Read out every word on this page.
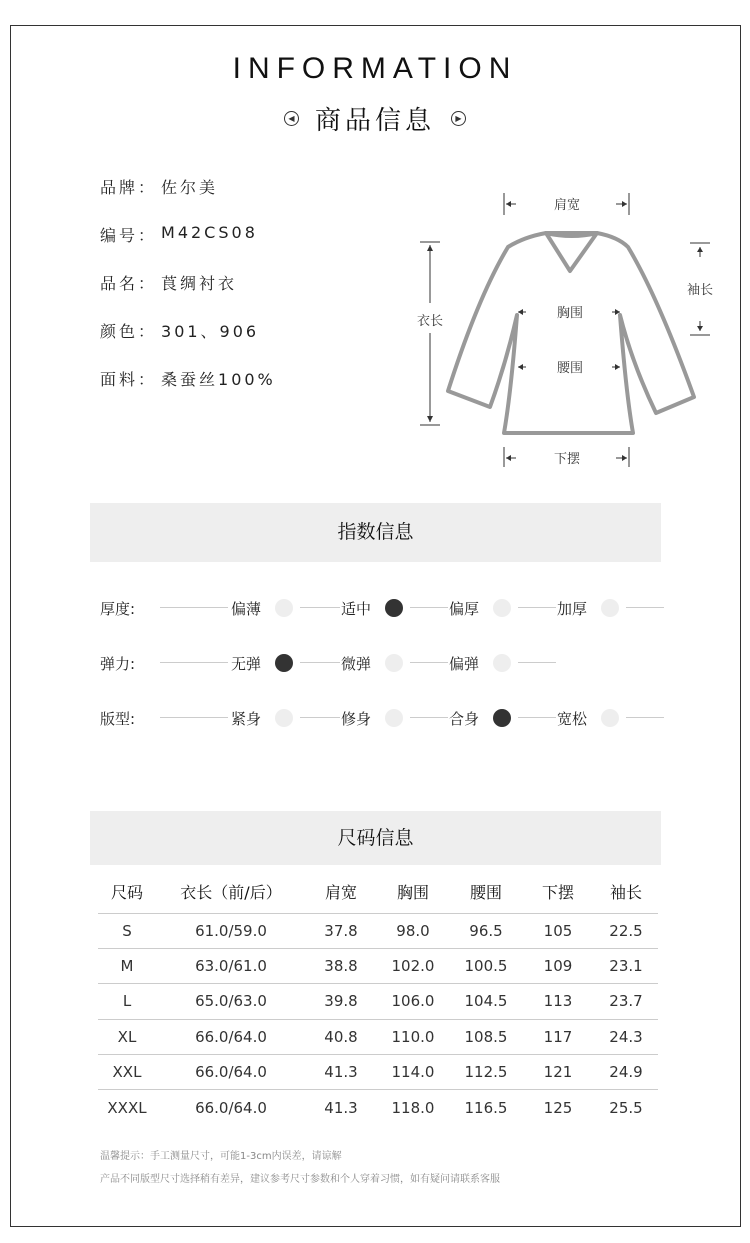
INFORMATION
◀ 商品信息	▶
品牌： 佐尔美
编号： M42CS08
品名： 莨绸衬衣
颜色： 301、906
面料： 桑蚕丝100%
肩宽
衣长
袖长
胸围
腰围
下摆
指数信息
厚度:	偏薄	适中	偏厚	加厚
弹力:	无弹	微弹	偏弹
版型:	紧身	修身	合身	宽松
尺码信息
尺码	衣长（前/后）	肩宽	胸围	腰围	下摆	袖长
S	61.0/59.0	37.8	98.0	96.5	105	22.5
M	63.0/61.0	38.8	102.0	100.5	109	23.1
L	65.0/63.0	39.8	106.0	104.5	113	23.7
XL	66.0/64.0	40.8	110.0	108.5	117	24.3
XXL	66.0/64.0	41.3	114.0	112.5	121	24.9
XXXL	66.0/64.0	41.3	118.0	116.5	125	25.5
温馨提示：手工测量尺寸，可能1-3cm内误差，请谅解
产品不同版型尺寸选择稍有差异，建议参考尺寸参数和个人穿着习惯，如有疑问请联系客服
